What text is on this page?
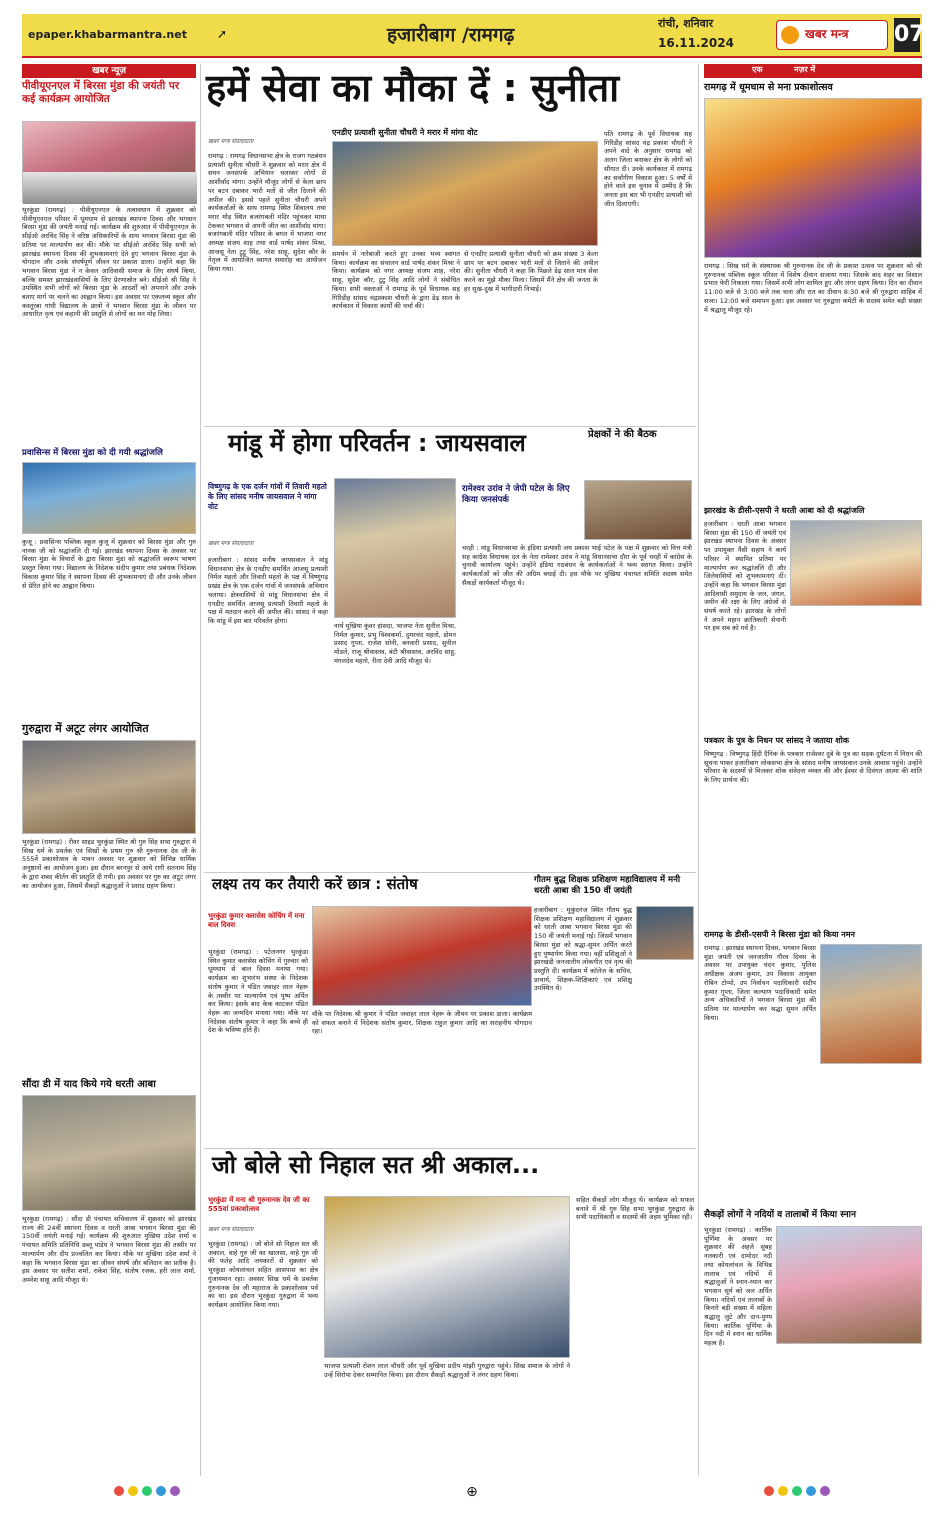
epaper.khabarmantra.net	➚	हजारीबाग /रामगढ़
रांची, शनिवार
16.11.2024
खबर मन्त्र 07
खबर न्यूज़
पीवीयूएनएल में बिरसा मुंडा की जयंती पर कई कार्यक्रम आयोजित
भुरकुंडा (रामगढ़) : पीवीयूएनएल के तत्वावधान में शुक्रवार को पीवीयूएनएल परिसर में धूमधाम से झारखंड स्थापना दिवस और भगवान बिरसा मुंडा की जयंती मनाई गई। कार्यक्रम की शुरुआत में पीवीयूएनएल के सीईओ अरविंद सिंह ने वरिष्ठ अधिकारियों के साथ भगवान बिरसा मुंडा की प्रतिमा पर माल्यार्पण कर की। मौके पर सीईओ अरविंद सिंह सभी को झारखंड स्थापना दिवस की शुभकामनाएं देते हुए भगवान बिरसा मुंडा के योगदान और उनके संघर्षपूर्ण जीवन पर प्रकाश डाला। उन्होंने कहा कि भगवान बिरसा मुंडा ने न केवल आदिवासी समाज के लिए संघर्ष किया, बल्कि समस्त झारखंडवासियों के लिए प्रेरणास्रोत बने। सीईओ श्री सिंह ने उपस्थित सभी लोगों को बिरसा मुंडा के आदर्शों को अपनाने और उनके बताए मार्ग पर चलने का आह्वान किया। इस अवसर पर एकलव्य स्कूल और कस्तूरबा गांधी विद्यालय के छात्रों ने भगवान बिरसा मुंडा के जीवन पर आधारित नृत्य एवं कहानी की प्रस्तुति से लोगों का मन मोह लिया।
प्रवासिन्स में बिरसा मुंडा को दी गयी श्रद्धांजलि
कुजू : प्रवासिन्स पब्लिक स्कूल कुजू में शुक्रवार को बिरसा मुंडा और गुरु नानक जी को श्रद्धांजलि दी गई। झारखंड स्थापना दिवस के अवसर पर बिरसा मुंडा के विचारों के द्वारा बिरसा मुंडा को श्रद्धांजलि स्वरूप भाषण प्रस्तुत किया गया। विद्यालय के निदेशक संदीप कुमार तथा प्रबंधक निदेशक विकास कुमार सिंह ने स्थापना दिवस की शुभकामनाएं दी और उनके जीवन से प्रेरित होने का आह्वान किया।
गुरुद्वारा में अटूट लंगर आयोजित
भुरकुंडा (रामगढ़) : रीवर साइड भुरकुंडा स्थित श्री गुरु सिंह सभा गुरुद्वारा में सिख धर्म के प्रवर्तक एवं सिखों के प्रथम गुरु श्री गुरुनानक देव जी के 555वें प्रकाशोत्सव के पावन अवसर पर शुक्रवार को विभिन्न धार्मिक अनुष्ठानों का आयोजन हुआ। इस दौरान बरनपुर से आये रागी सतनाम सिंह के द्वारा शबद कीर्तन की प्रस्तुति दी गयी। इस अवसर पर गुरु का अटूट लंगर का आयोजन हुआ, जिसमें सैकड़ों श्रद्धालुओं ने प्रसाद ग्रहण किया।
सौंदा डी में याद किये गये धरती आबा
भुरकुंडा (रामगढ़) : सौंदा डी पंचायत सचिवालय में शुक्रवार को झारखंड राज्य की 24वीं स्थापना दिवस व धरती आबा भगवान बिरसा मुंडा की 150वीं जयंती मनाई गई। कार्यक्रम की शुरुआत मुखिया उदेश शर्मा व पंचायत समिति प्रतिनिधि डब्लू पांडेय ने भगवान बिरसा मुंडा की तस्वीर पर माल्यार्पण और दीप प्रज्वलित कर किया। मौके पर मुखिया उदेश शर्मा ने कहा कि भगवान बिरसा मुंडा का जीवन संघर्ष और बलिदान का प्रतीक है। इस अवसर पर सतीश शर्मा, राकेश सिंह, संतोष रजक, हरी लाल शर्मा, अमरेश साहू आदि मौजूद थे।
हमें सेवा का मौका दें : सुनीता
एनडीए प्रत्याशी सुनीता चौधरी ने मरार में मांगा वोट
खबर मन्त्र संवाददाता
रामगढ़ : रामगढ़ विधानसभा क्षेत्र के राजग गठबंधन प्रत्याशी सुनीता चौधरी ने शुक्रवार को मरार क्षेत्र में सघन जनसंपर्क अभियान चलाकर लोगों से आशीर्वाद मांगा। उन्होंने मौजूद लोगों से केला छाप पर बटन दबाकर भारी मतों से जीत दिलाने की अपील की। इससे पहले सुनीता चौधरी अपने कार्यकर्ताओं के साथ रामगढ़ स्थित शिवालय तथा मरार मोड़ स्थित बजरंगबली मंदिर पहुंचकर माथा टेककर भगवान से अपनी जीत का आशीर्वाद मांगा। बजरंगबली मंदिर परिसर के बगल में भाजपा नगर अध्यक्ष संजय शाह तथा वार्ड पार्षद शंकर मिश्रा, आजसू नेता टुटु सिंह, नरेश साहू, सुदेश कौर के नेतृत्व में आयोजित स्वागत समारोह का आयोजन किया गया।
समर्थन में नारेबाजी करते हुए उनका भव्य स्वागत किया। कार्यक्रम का संचालन वार्ड पार्षद शंकर मिश्रा ने किया। कार्यक्रम को नगर अध्यक्ष संजय शाह, नरेश साहू, सुदेश कौर, टुटु सिंह आदि लोगों ने संबोधित किया। सभी वक्ताओं ने रामगढ़ के पूर्व विधायक सह गिरिडीह सांसद चंद्रप्रकाश चौधरी के द्वारा डेढ़ साल के कार्यकाल में विकास कार्यों की चर्चा की।
से एनडीए प्रत्याशी सुनीता चौधरी को क्रम संख्या 3 केला छाप पर बटन दबाकर भारी मतों से जिताने की अपील की। सुनीता चौधरी ने कहा कि पिछले डेढ़ साल मात्र सेवा करने का मुझे मौका मिला। जिसमें मैंने क्षेत्र की जनता के हर सुख-दुख में भागीदारी निभाई।
पति रामगढ़ के पूर्व विधायक सह गिरिडीह सांसद चंद्र प्रकाश चौधरी ने अपने वादे के अनुसार रामगढ़ को अलग जिला बनाकर क्षेत्र के लोगों को सौगात दी। उनके कार्यकाल में रामगढ़ का सर्वांगीण विकास हुआ। 5 वर्षों में होने वाले इस चुनाव में उम्मीद है कि जनता इस बार भी एनडीए प्रत्याशी को जीत दिलाएगी।
मांडू में होगा परिवर्तन : जायसवाल
विष्णुगढ़ के एक दर्जन गांवों में तिवारी महतो के लिए सांसद मनीष जायसवाल ने मांगा वोट
खबर मन्त्र संवाददाता
हजारीबाग : सांसद मनीष जायसवाल ने मांडू विधानसभा क्षेत्र के एनडीए समर्थित आजसू प्रत्याशी निर्मल महतो और तिवारी महतो के पक्ष में विष्णुगढ़ प्रखंड क्षेत्र के एक दर्जन गांवों में जनसंपर्क अभियान चलाया। क्षेत्रवासियों से मांडू विधानसभा क्षेत्र में एनडीए समर्थित आजसू प्रत्याशी तिवारी महतो के पक्ष में मतदान करने की अपील की। सांसद ने कहा कि मांडू में इस बार परिवर्तन होगा।
नार्थ मुखिया कुंवर हांसदा, भाजपा नेता सुनील मिश्रा, निर्मल कुमार, प्रभु विश्वकर्मा, दुमरचंद महतो, डोमन प्रसाद गुप्ता, राजेश सोनी, बनवारी प्रसाद, सुनील मोडले, राजू श्रीवास्तव, बंटी श्रीवास्तव, अरविंद साहू, मंगलदेव महतो, रीता देवी आदि मौजूद थे।
रामेश्वर उरांव ने जेपी पटेल के लिए किया जनसंपर्क
चरही : मांडू विधानसभा के इंडिया प्रत्याशी जय प्रकाश भाई पटेल के पक्ष में शुक्रवार को वित्त मंत्री सह कांग्रेस विधायक दल के नेता रामेश्वर उरांव ने मांडू विधानसभा दौरा के पूर्व चरही में कांग्रेस के चुनावी कार्यालय पहुंचे। उन्होंने इंडिया गठबंधन के कार्यकर्ताओं ने भव्य स्वागत किया। उन्होंने कार्यकर्ताओं को जीत की अग्रिम बधाई दी। इस मौके पर मुखिया पंचायत समिति सदस्य समेत सैकड़ों कार्यकर्ता मौजूद थे।
लक्ष्य तय कर तैयारी करें छात्र : संतोष
भुरकुंडा कुमार क्लासेस कोचिंग में मना बाल दिवस
भुरकुंडा (रामगढ़) : पटेलनगर भुरकुंडा स्थित कुमार क्लासेस कोचिंग में गुरुवार को धूमधाम से बाल दिवस मनाया गया। कार्यक्रम का शुभारंभ संस्था के निदेशक संतोष कुमार ने पंडित जवाहर लाल नेहरू के तस्वीर पर माल्यार्पण एवं पुष्प अर्पित कर किया। इसके बाद केक काटकर पंडित नेहरू का जन्मदिन मनाया गया। मौके पर निदेशक संतोष कुमार ने कहा कि बच्चे ही देश के भविष्य होते हैं।
मौके पर निदेशक श्री कुमार ने पंडित जवाहर लाल नेहरू के जीवन पर प्रकाश डाला। कार्यक्रम को सफल बनाने में निदेशक संतोष कुमार, शिक्षक राहुल कुमार आदि का सराहनीय योगदान रहा।
गौतम बुद्ध शिक्षक प्रशिक्षण महाविद्यालय में मनी धरती आबा की 150 वीं जयंती
हजारीबाग : मुकुंदगंज स्थित गौतम बुद्ध शिक्षक प्रशिक्षण महाविद्यालय में शुक्रवार को धरती आबा भगवान बिरसा मुंडा की 150 वीं जयंती मनाई गई। जिसमें भगवान बिरसा मुंडा को श्रद्धा-सुमन अर्पित करते हुए पुष्पार्पण किया गया। वहीं प्रशिक्षुओं ने झारखंडी जनजातीय लोकगीत एवं नृत्य की प्रस्तुति दी। कार्यक्रम में कॉलेज के सचिव, प्राचार्य, शिक्षक-शिक्षिकाएं एवं प्रशिक्षु उपस्थित थे।
जो बोले सो निहाल सत श्री अकाल...
भुरकुंडा में मना श्री गुरुनानक देव जी का 555वां प्रकाशोत्सव
खबर मन्त्र संवाददाता
भुरकुंडा (रामगढ़) : जो बोले सो निहाल सत श्री अकाल, वाहे गुरु जी का खालसा, वाहे गुरु जी की फतेह आदि जयकारों से शुक्रवार को भुरकुंडा कोयलांचल सहित आसपास का क्षेत्र गुंजायमान रहा। अवसर सिख धर्म के प्रवर्तक गुरुनानक देव जी महाराज के प्रकाशोत्सव पर्व का था। इस दौरान भुरकुंडा गुरुद्वारा में भव्य कार्यक्रम आयोजित किया गया।
भाजपा प्रत्याशी रोशन लाल चौधरी और पूर्व मुखिया प्रदीप मांझी गुरुद्वारा पहुंचे। सिख समाज के लोगों ने उन्हें सिरोपा देकर सम्मानित किया। इस दौरान सैकड़ों श्रद्धालुओं ने लंगर ग्रहण किया।
सहित सैकड़ों लोग मौजूद थे। कार्यक्रम को सफल बनाने में श्री गुरु सिंह सभा भुरकुंडा गुरुद्वारा के सभी पदाधिकारी व सदस्यों की अहम भूमिका रही।
प्रेक्षकों ने की बैठक
एक	नज़र में
रामगढ़ में धूमधाम से मना प्रकाशोत्सव
रामगढ़ : सिख धर्म के संस्थापक श्री गुरुनानक देव जी के प्रकाश उत्सव पर शुक्रवार को श्री गुरुनानक पब्लिक स्कूल परिसर में विशेष दीवान सजाया गया। जिसके बाद शहर का विशाल प्रभात फेरी निकाला गया। जिसमें सभी लोग शामिल हुए और लंगर ग्रहण किया। दिन का दीवान 11:00 बजे से 3:00 बजे तक चला और रात का दीवान 8:30 बजे श्री गुरुद्वारा साहिब में सजा। 12:00 बजे समापन हुआ। इस अवसर पर गुरुद्वारा कमेटी के सदस्य समेत बड़ी संख्या में श्रद्धालु मौजूद रहे।
झारखंड के डीसी-एसपी ने धरती आबा को दी श्रद्धांजलि
हजारीबाग : धरती आबा भगवान बिरसा मुंडा की 150 वीं जयंती एवं झारखंड स्थापना दिवस के अवसर पर उपायुक्त नैंसी सहाय ने कार्य परिसर में स्थापित प्रतिमा पर माल्यार्पण कर श्रद्धांजलि दी और जिलेवासियों को शुभकामनाएं दीं। उन्होंने कहा कि भगवान बिरसा मुंडा आदिवासी समुदाय के जल, जंगल, जमीन की रक्षा के लिए अंग्रेजों से संघर्ष करते रहे। झारखंड के लोगों ने अपने महान क्रांतिकारी सेनानी पर हम सब को गर्व है।
पत्रकार के पुत्र के निधन पर सांसद ने जताया शोक
विष्णुगढ़ : विष्णुगढ़ हिंदी दैनिक के पत्रकार राजेश्वर दुबे के पुत्र का सड़क दुर्घटना में निधन की सूचना पाकर हजारीबाग लोकसभा क्षेत्र के सांसद मनीष जायसवाल उनके आवास पहुंचे। उन्होंने परिवार के सदस्यों से मिलकर शोक संवेदना व्यक्त की और ईश्वर से दिवंगत आत्मा की शांति के लिए प्रार्थना की।
रामगढ़ के डीसी-एसपी ने बिरसा मुंडा को किया नमन
रामगढ़ : झारखंड स्थापना दिवस, भगवान बिरसा मुंडा जयंती एवं जनजातीय गौरव दिवस के अवसर पर उपायुक्त चंदन कुमार, पुलिस अधीक्षक अजय कुमार, उप विकास आयुक्त रोबिन टोप्पो, उप निर्वाचन पदाधिकारी संदीप कुमार गुप्ता, जिला कल्याण पदाधिकारी समेत अन्य अधिकारियों ने भगवान बिरसा मुंडा की प्रतिमा पर माल्यार्पण कर श्रद्धा सुमन अर्पित किया।
सैकड़ों लोगों ने नदियों व तालाबों में किया स्नान
भुरकुंडा (रामगढ़) : कार्तिक पूर्णिमा के अवसर पर शुक्रवार की अहले सुबह नलकारी एवं दामोदर नदी तथा कोयलांचल के विभिन्न तालाब एवं नदियों में श्रद्धालुओं ने स्नान-ध्यान कर भगवान सूर्य को जल अर्पित किया। नदियों एवं तालाबों के किनारे बड़ी संख्या में महिला श्रद्धालु जुटे और दान-पुण्य किया। कार्तिक पूर्णिमा के दिन नदी में स्नान का धार्मिक महत्व है।
⊕
